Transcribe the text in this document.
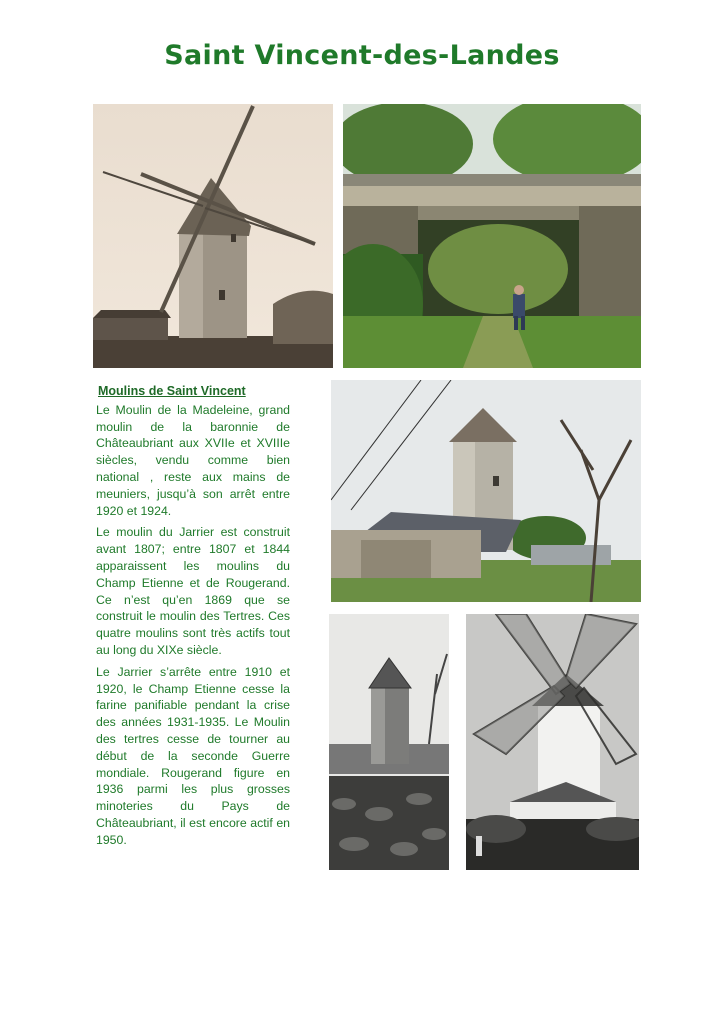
Saint Vincent-des-Landes
Moulins de Saint Vincent

Le Moulin de la Madeleine, grand moulin de la baronnie de Châteaubriant aux XVIIe et XVIIIe siècles, vendu comme bien national , reste aux mains de meuniers, jusqu’à son arrêt entre 1920 et 1924.

Le moulin du Jarrier est construit avant 1807; entre 1807 et 1844 apparaissent les moulins du Champ Etienne et de Rougerand. Ce n’est qu’en 1869 que se construit le moulin des Tertres. Ces quatre moulins sont très actifs tout au long du XIXe siècle.

Le Jarrier s’arrête entre 1910 et 1920, le Champ Etienne cesse la farine panifiable pendant la crise des années 1931-1935. Le Moulin des tertres cesse de tourner au début de la seconde Guerre mondiale. Rougerand figure en 1936 parmi les plus grosses minoteries du Pays de Châteaubriant, il est encore actif en 1950.
